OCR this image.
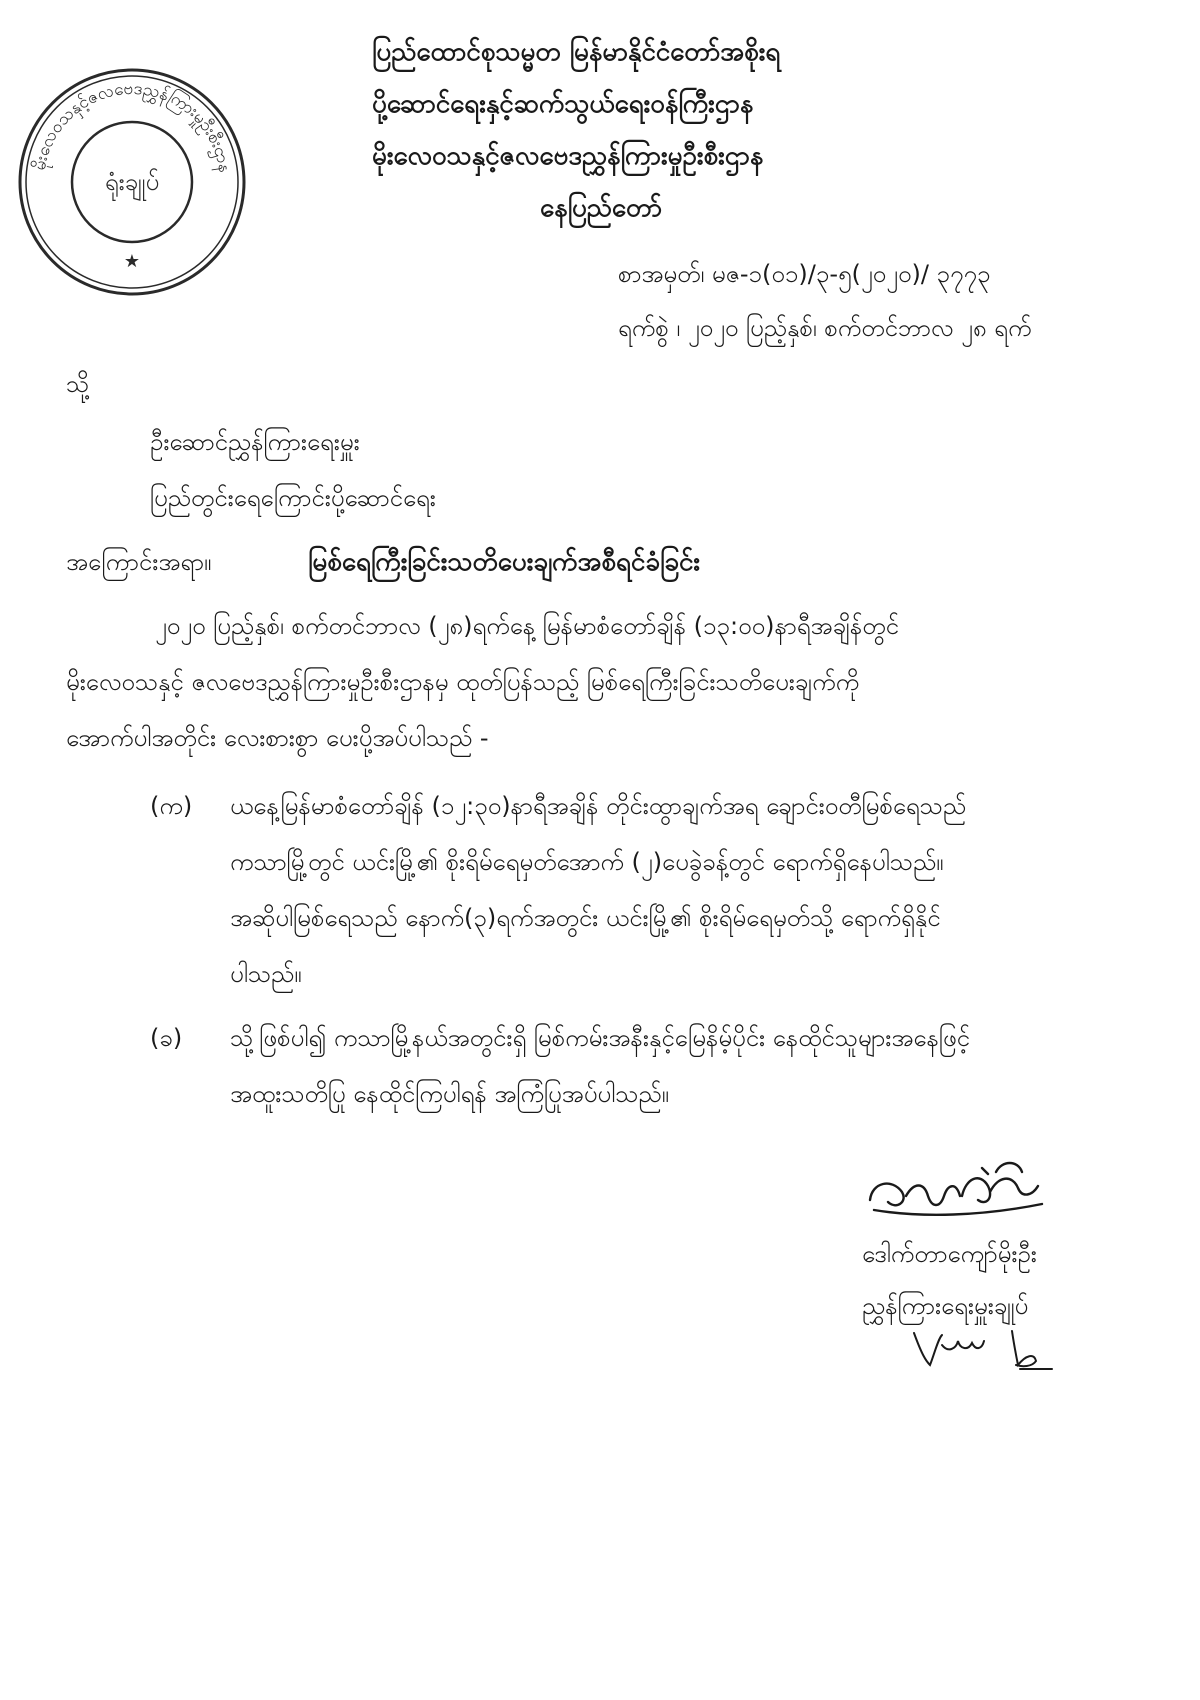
မိုးလေဝသနှင့်ဇလဗေဒညွှန်ကြားမှုဦးစီးဌာန
ရုံးချုပ်
★
ပြည်ထောင်စုသမ္မတ မြန်မာနိုင်ငံတော်အစိုးရ
ပို့ဆောင်ရေးနှင့်ဆက်သွယ်ရေးဝန်ကြီးဌာန
မိုးလေဝသနှင့်ဇလဗေဒညွှန်ကြားမှုဦးစီးဌာန
နေပြည်တော်
စာအမှတ်၊ မဇ-၁(၀၁)/၃-၅(၂၀၂၀)/ ၃၇၇၃
ရက်စွဲ ၊ ၂၀၂၀ ပြည့်နှစ်၊ စက်တင်ဘာလ ၂၈ ရက်
သို့
ဦးဆောင်ညွှန်ကြားရေးမှူး
ပြည်တွင်းရေကြောင်းပို့ဆောင်ရေး
အကြောင်းအရာ။	မြစ်ရေကြီးခြင်းသတိပေးချက်အစီရင်ခံခြင်း
၂၀၂၀ ပြည့်နှစ်၊ စက်တင်ဘာလ (၂၈)ရက်နေ့ မြန်မာစံတော်ချိန် (၁၃:၀၀)နာရီအချိန်တွင်
မိုးလေဝသနှင့် ဇလဗေဒညွှန်ကြားမှုဦးစီးဌာနမှ ထုတ်ပြန်သည့် မြစ်ရေကြီးခြင်းသတိပေးချက်ကို
အောက်ပါအတိုင်း လေးစားစွာ ပေးပို့အပ်ပါသည် -
(က) ယနေ့မြန်မာစံတော်ချိန် (၁၂:၃၀)နာရီအချိန် တိုင်းထွာချက်အရ ချောင်းဝတီမြစ်ရေသည်
ကသာမြို့တွင် ယင်းမြို့၏ စိုးရိမ်ရေမှတ်အောက် (၂)ပေခွဲခန့်တွင် ရောက်ရှိနေပါသည်။
အဆိုပါမြစ်ရေသည် နောက်(၃)ရက်အတွင်း ယင်းမြို့၏ စိုးရိမ်ရေမှတ်သို့ ရောက်ရှိနိုင်
ပါသည်။
(ခ) သို့ဖြစ်ပါ၍ ကသာမြို့နယ်အတွင်းရှိ မြစ်ကမ်းအနီးနှင့်မြေနိမ့်ပိုင်း နေထိုင်သူများအနေဖြင့်
အထူးသတိပြု နေထိုင်ကြပါရန် အကြံပြုအပ်ပါသည်။
ဒေါက်တာကျော်မိုးဦး
ညွှန်ကြားရေးမှူးချုပ်
